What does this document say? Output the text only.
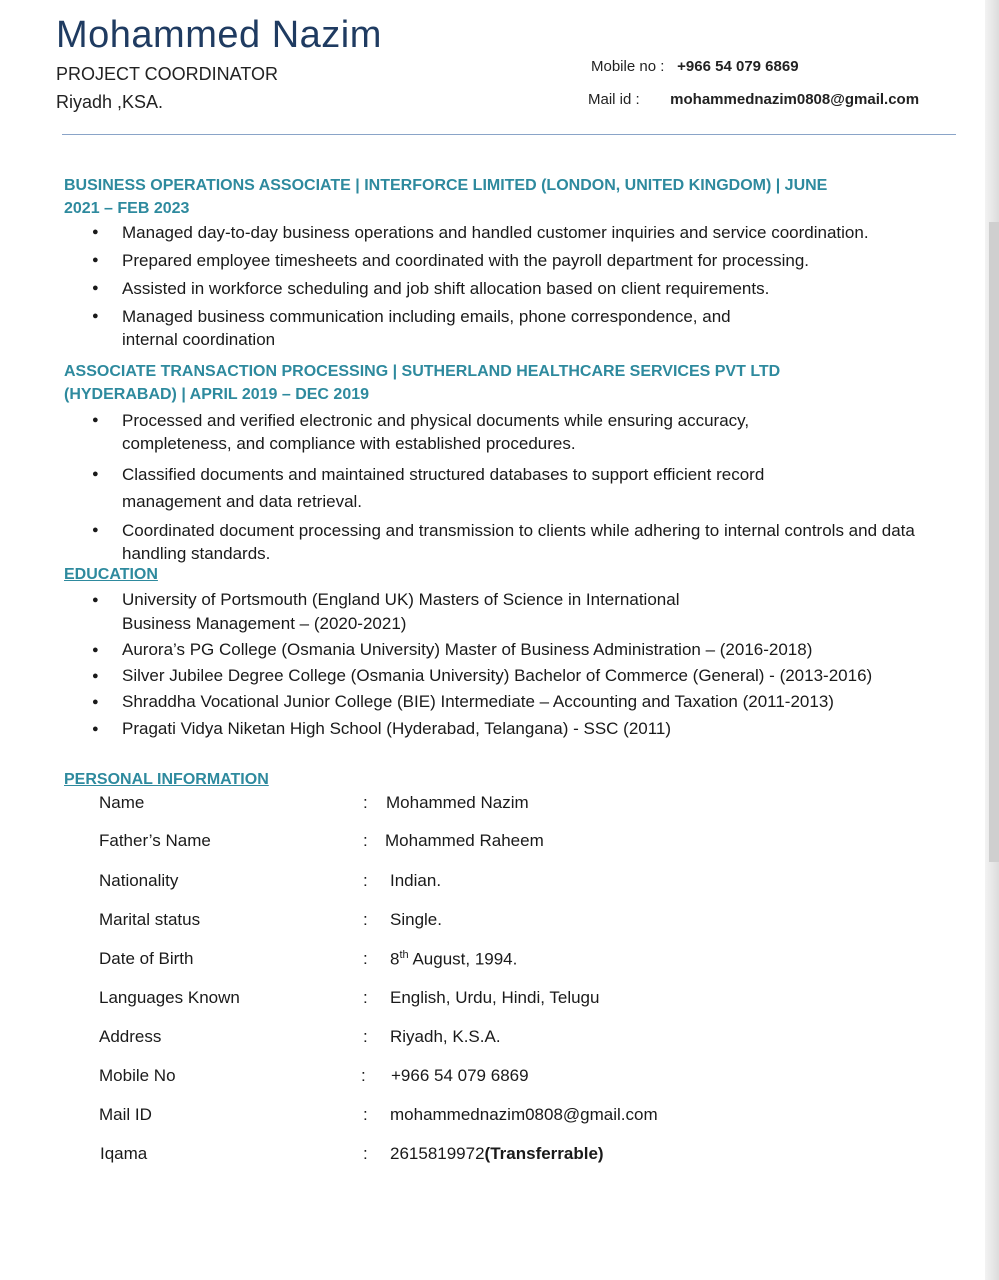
Mohammed Nazim
PROJECT COORDINATOR
Riyadh ,KSA.
Mobile no : +966 54 079 6869
Mail id : mohammednazim0808@gmail.com
BUSINESS OPERATIONS ASSOCIATE | INTERFORCE LIMITED (LONDON, UNITED KINGDOM) | JUNE 2021 – FEB 2023
● Managed day-to-day business operations and handled customer inquiries and service coordination.
● Prepared employee timesheets and coordinated with the payroll department for processing.
● Assisted in workforce scheduling and job shift allocation based on client requirements.
● Managed business communication including emails, phone correspondence, and internal coordination
ASSOCIATE TRANSACTION PROCESSING | SUTHERLAND HEALTHCARE SERVICES PVT LTD (HYDERABAD) | APRIL 2019 – DEC 2019
● Processed and verified electronic and physical documents while ensuring accuracy, completeness, and compliance with established procedures.
● Classified documents and maintained structured databases to support efficient record management and data retrieval.
● Coordinated document processing and transmission to clients while adhering to internal controls and data handling standards.
EDUCATION
● University of Portsmouth (England UK) Masters of Science in International Business Management – (2020-2021)
● Aurora’s PG College (Osmania University) Master of Business Administration – (2016-2018)
● Silver Jubilee Degree College (Osmania University) Bachelor of Commerce (General) - (2013-2016)
● Shraddha Vocational Junior College (BIE) Intermediate – Accounting and Taxation (2011-2013)
● Pragati Vidya Niketan High School (Hyderabad, Telangana) - SSC (2011)
PERSONAL INFORMATION
Name	: Mohammed Nazim
Father’s Name	: Mohammed Raheem
Nationality	: Indian.
Marital status	: Single.
Date of Birth	: 8th August, 1994.
Languages Known	: English, Urdu, Hindi, Telugu
Address	: Riyadh, K.S.A.
Mobile No	: +966 54 079 6869
Mail ID	: mohammednazim0808@gmail.com
Iqama	: 2615819972(Transferrable)
